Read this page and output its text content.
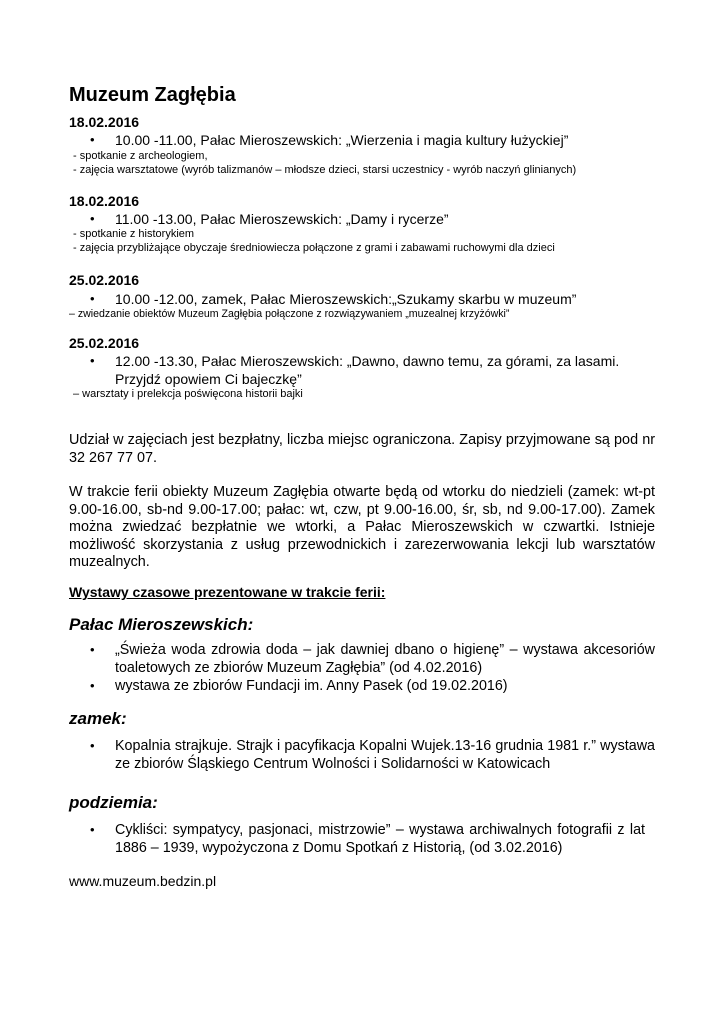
Muzeum Zagłębia
18.02.2016
• 10.00 -11.00, Pałac Mieroszewskich: „Wierzenia i magia kultury łużyckiej”
- spotkanie z archeologiem,
- zajęcia warsztatowe (wyrób talizmanów – młodsze dzieci, starsi uczestnicy - wyrób naczyń glinianych)
18.02.2016
• 11.00 -13.00, Pałac Mieroszewskich: „Damy i rycerze”
- spotkanie z historykiem
- zajęcia przybliżające obyczaje średniowiecza połączone z grami i zabawami ruchowymi dla dzieci
25.02.2016
• 10.00 -12.00, zamek, Pałac Mieroszewskich:„Szukamy skarbu w muzeum”
– zwiedzanie obiektów Muzeum Zagłębia połączone z rozwiązywaniem „muzealnej krzyżówki”
25.02.2016
• 12.00 -13.30, Pałac Mieroszewskich: „Dawno, dawno temu, za górami, za lasami.
Przyjdź opowiem Ci bajeczkę”
– warsztaty i prelekcja poświęcona historii bajki
Udział w zajęciach jest bezpłatny, liczba miejsc ograniczona. Zapisy przyjmowane są pod nr 32 267 77 07.
W trakcie ferii obiekty Muzeum Zagłębia otwarte będą od wtorku do niedzieli (zamek: wt-pt 9.00-16.00, sb-nd 9.00-17.00; pałac: wt, czw, pt 9.00-16.00, śr, sb, nd 9.00-17.00). Zamek można zwiedzać bezpłatnie we wtorki, a Pałac Mieroszewskich w czwartki. Istnieje możliwość skorzystania z usług przewodnickich i zarezerwowania lekcji lub warsztatów muzealnych.
Wystawy czasowe prezentowane w trakcie ferii:
Pałac Mieroszewskich:
• „Świeża woda zdrowia doda – jak dawniej dbano o higienę” – wystawa akcesoriów toaletowych ze zbiorów Muzeum Zagłębia” (od 4.02.2016)
• wystawa ze zbiorów Fundacji im. Anny Pasek (od 19.02.2016)
zamek:
• Kopalnia strajkuje. Strajk i pacyfikacja Kopalni Wujek.13-16 grudnia 1981 r.” wystawa ze zbiorów Śląskiego Centrum Wolności i Solidarności w Katowicach
podziemia:
• Cykliści: sympatycy, pasjonaci, mistrzowie” – wystawa archiwalnych fotografii z lat 1886 – 1939, wypożyczona z Domu Spotkań z Historią, (od 3.02.2016)
www.muzeum.bedzin.pl
